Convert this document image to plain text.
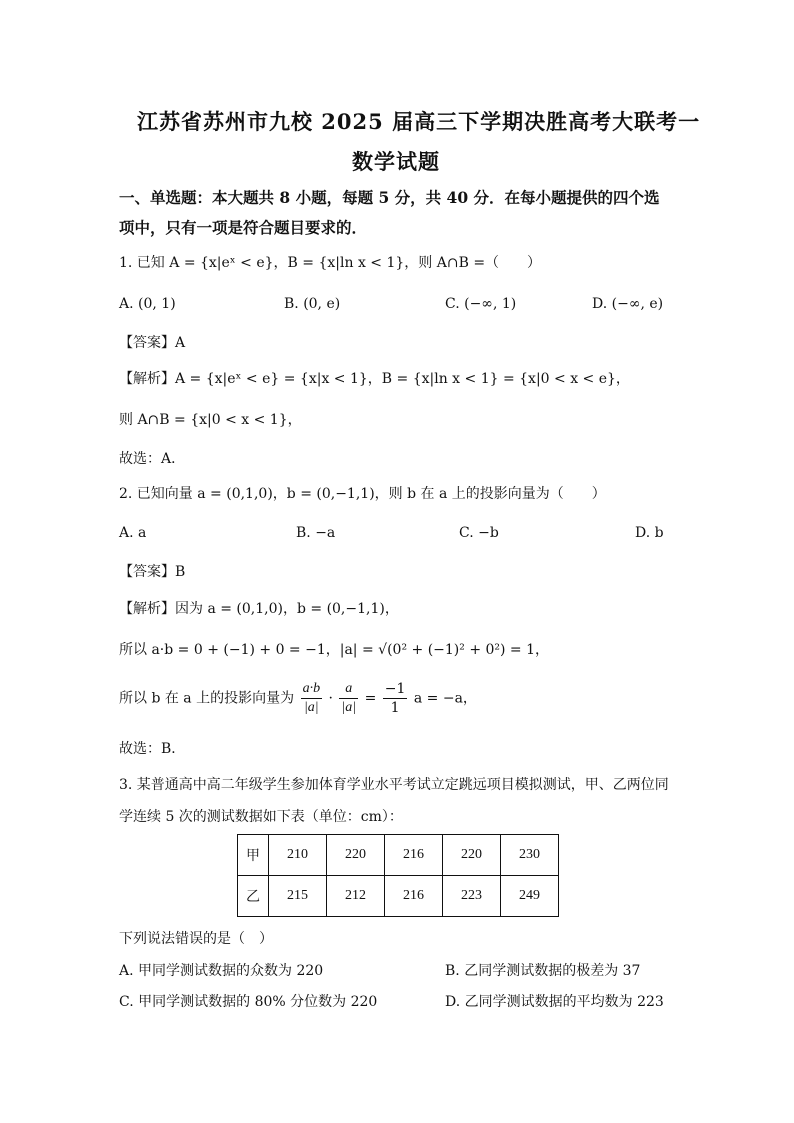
江苏省苏州市九校 2025 届高三下学期决胜高考大联考一
数学试题
一、单选题：本大题共 8 小题，每题 5 分，共 40 分．在每小题提供的四个选
项中，只有一项是符合题目要求的．
1. 已知 A = {x|eˣ < e}，B = {x|ln x < 1}，则 A∩B =（　　）
A. (0, 1)	B. (0, e)	C. (−∞, 1)	D. (−∞, e)
【答案】A
【解析】A = {x|eˣ < e} = {x|x < 1}，B = {x|ln x < 1} = {x|0 < x < e}，
则 A∩B = {x|0 < x < 1}，
故选：A．
2. 已知向量 a = (0,1,0)，b = (0,−1,1)，则 b 在 a 上的投影向量为（　　）
A. a	B. −a	C. −b	D. b
【答案】B
【解析】因为 a = (0,1,0)，b = (0,−1,1)，
所以 a·b = 0 + (−1) + 0 = −1，|a| = √(0² + (−1)² + 0²) = 1，
所以 b 在 a 上的投影向量为 $\frac{a\cdot b}{|a|} \cdot \frac{a}{|a|} = \frac{-1}{1}$ a = −a，
故选：B．
3. 某普通高中高二年级学生参加体育学业水平考试立定跳远项目模拟测试，甲、乙两位同
学连续 5 次的测试数据如下表（单位：cm）：
甲	210	220	216	220	230
乙	215	212	216	223	249
下列说法错误的是（　）
A. 甲同学测试数据的众数为 220	B. 乙同学测试数据的极差为 37
C. 甲同学测试数据的 80% 分位数为 220	D. 乙同学测试数据的平均数为 223
